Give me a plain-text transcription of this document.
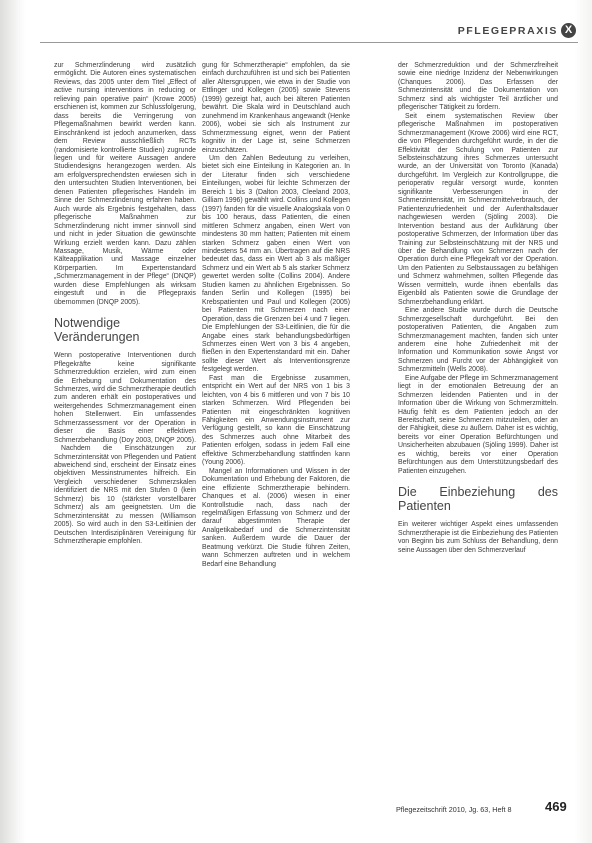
PFLEGEPRAXIS X

zur Schmerzlinderung wird zusätzlich ermöglicht. Die Autoren eines systematischen Reviews, das 2005 unter dem Titel „Effect of active nursing interventions in reducing or relieving pain operative pain“ (Krowe 2005) erschienen ist, kommen zur Schlussfolgerung, dass bereits die Verringerung von Pflegemaßnahmen bewirkt werden kann. Einschränkend ist jedoch anzumerken, dass dem Review ausschließlich RCTs (randomisierte kontrollierte Studien) zugrunde liegen und für weitere Aussagen andere Studiendesigns herangezogen werden. Als am erfolgversprechendsten erwiesen sich in den untersuchten Studien Interventionen, bei denen Patienten pflegerisches Handeln im Sinne der Schmerzlinderung erfahren haben. Auch wurde als Ergebnis festgehalten, dass pflegerische Maßnahmen zur Schmerzlinderung nicht immer sinnvoll sind und nicht in jeder Situation die gewünschte Wirkung erzielt werden kann. Dazu zählen Massage, Musik, Wärme oder Kälteapplikation und Massage einzelner Körperpartien. Im Expertenstandard „Schmerzmanagement in der Pflege“ (DNQP) wurden diese Empfehlungen als wirksam eingestuft und in die Pflegepraxis übernommen (DNQP 2005).

Notwendige Veränderungen

Wenn postoperative Interventionen durch Pflegekräfte keine signifikante Schmerzreduktion erzielen, wird zum einen die Erhebung und Dokumentation des Schmerzes, wird die Schmerztherapie deutlich zum anderen erhält ein postoperatives und weitergehendes Schmerzmanagement einen hohen Stellenwert. Ein umfassendes Schmerzassessment vor der Operation in dieser die Basis einer effektiven Schmerzbehandlung (Doy 2003, DNQP 2005).

Nachdem die Einschätzungen zur Schmerzintensität von Pflegenden und Patient abweichend sind, erscheint der Einsatz eines objektiven Messinstrumentes hilfreich. Ein Vergleich verschiedener Schmerzskalen identifiziert die NRS mit den Stufen 0 (kein Schmerz) bis 10 (stärkster vorstellbarer Schmerz) als am geeignetsten. Um die Schmerzintensität zu messen (Williamson 2005). So wird auch in den S3-Leitlinien der Deutschen Interdisziplinären Vereinigung für Schmerztherapie empfohlen.

gung für Schmerztherapie“ empfohlen, da sie einfach durchzuführen ist und sich bei Patienten aller Altersgruppen, wie etwa in der Studie von Ettlinger und Kollegen (2005) sowie Stevens (1999) gezeigt hat, auch bei älteren Patienten bewährt. Die Skala wird in Deutschland auch zunehmend im Krankenhaus angewandt (Henke 2006), wobei sie sich als Instrument zur Schmerzmessung eignet, wenn der Patient kognitiv in der Lage ist, seine Schmerzen einzuschätzen.

Um den Zahlen Bedeutung zu verleihen, bietet sich eine Einteilung in Kategorien an. In der Literatur finden sich verschiedene Einteilungen, wobei für leichte Schmerzen der Bereich 1 bis 3 (Dalton 2003, Cleeland 2003, Gilliam 1996) gewählt wird. Collins und Kollegen (1997) fanden für die visuelle Analogskala von 0 bis 100 heraus, dass Patienten, die einen mittleren Schmerz angaben, einen Wert von mindestens 30 mm hatten; Patienten mit einem starken Schmerz gaben einen Wert von mindestens 54 mm an. Übertragen auf die NRS bedeutet das, dass ein Wert ab 3 als mäßiger Schmerz und ein Wert ab 5 als starker Schmerz gewertet werden sollte (Collins 2004). Andere Studien kamen zu ähnlichen Ergebnissen. So fanden Serlin und Kollegen (1995) bei Krebspatienten und Paul und Kollegen (2005) bei Patienten mit Schmerzen nach einer Operation, dass die Grenzen bei 4 und 7 liegen. Die Empfehlungen der S3-Leitlinien, die für die Angabe eines stark behandlungsbedürftigen Schmerzes einen Wert von 3 bis 4 angeben, fließen in den Expertenstandard mit ein. Daher sollte dieser Wert als Interventionsgrenze festgelegt werden.

Fast man die Ergebnisse zusammen, entspricht ein Wert auf der NRS von 1 bis 3 leichten, von 4 bis 6 mittleren und von 7 bis 10 starken Schmerzen. Wird Pflegenden bei Patienten mit eingeschränkten kognitiven Fähigkeiten ein Anwendungsinstrument zur Verfügung gestellt, so kann die Einschätzung des Schmerzes auch ohne Mitarbeit des Patienten erfolgen, sodass in jedem Fall eine effektive Schmerzbehandlung stattfinden kann (Young 2006).

Mangel an Informationen und Wissen in der Dokumentation und Erhebung der Faktoren, die eine effiziente Schmerztherapie behindern. Chanques et al. (2006) wiesen in einer Kontrollstudie nach, dass nach der regelmäßigen Erfassung von Schmerz und der darauf abgestimmten Therapie der Analgetikabedarf und die Schmerzintensität sanken. Außerdem wurde die Dauer der Beatmung verkürzt. Die Studie führen Zeiten, wann Schmerzen auftreten und in welchem Bedarf eine Behandlung

der Schmerzreduktion und der Schmerzfreiheit sowie eine niedrige Inzidenz der Nebenwirkungen (Chanques 2006). Das Erfassen der Schmerzintensität und die Dokumentation von Schmerz sind als wichtigster Teil ärztlicher und pflegerischer Tätigkeit zu fordern.

Seit einem systematischen Review über pflegerische Maßnahmen im postoperativen Schmerzmanagement (Krowe 2006) wird eine RCT, die von Pflegenden durchgeführt wurde, in der die Effektivität der Schulung von Patienten zur Selbsteinschätzung ihres Schmerzes untersucht wurde, an der Universität von Toronto (Kanada) durchgeführt. Im Vergleich zur Kontrollgruppe, die perioperativ regulär versorgt wurde, konnten signifikante Verbesserungen in der Schmerzintensität, im Schmerzmittelverbrauch, der Patientenzufriedenheit und der Aufenthaltsdauer nachgewiesen werden (Sjöling 2003). Die Intervention bestand aus der Aufklärung über postoperative Schmerzen, der Information über das Training zur Selbsteinschätzung mit der NRS und über die Behandlung von Schmerzen nach der Operation durch eine Pflegekraft vor der Operation. Um den Patienten zu Selbstaussagen zu befähigen und Schmerz wahrnehmen, sollten Pflegende das Wissen vermitteln, wurde ihnen ebenfalls das Eigenbild als Patienten sowie die Grundlage der Schmerzbehandlung erklärt.

Eine andere Studie wurde durch die Deutsche Schmerzgesellschaft durchgeführt. Bei den postoperativen Patienten, die Angaben zum Schmerzmanagement machten, fanden sich unter anderem eine hohe Zufriedenheit mit der Information und Kommunikation sowie Angst vor Schmerzen und Furcht vor der Abhängigkeit von Schmerzmitteln (Wells 2008).

Eine Aufgabe der Pflege im Schmerzmanagement liegt in der emotionalen Betreuung der an Schmerzen leidenden Patienten und in der Information über die Wirkung von Schmerzmitteln. Häufig fehlt es dem Patienten jedoch an der Bereitschaft, seine Schmerzen mitzuteilen, oder an der Fähigkeit, diese zu äußern. Daher ist es wichtig, bereits vor einer Operation Befürchtungen und Unsicherheiten abzubauen (Sjöling 1999). Daher ist es wichtig, bereits vor einer Operation Befürchtungen aus dem Unterstützungsbedarf des Patienten einzugehen.

Die Einbeziehung des Patienten

Ein weiterer wichtiger Aspekt eines umfassenden Schmerztherapie ist die Einbeziehung des Patienten von Beginn bis zum Schluss der Behandlung, denn seine Aussagen über den Schmerzverlauf

Pflegezeitschrift 2010, Jg. 63, Heft 8	469
